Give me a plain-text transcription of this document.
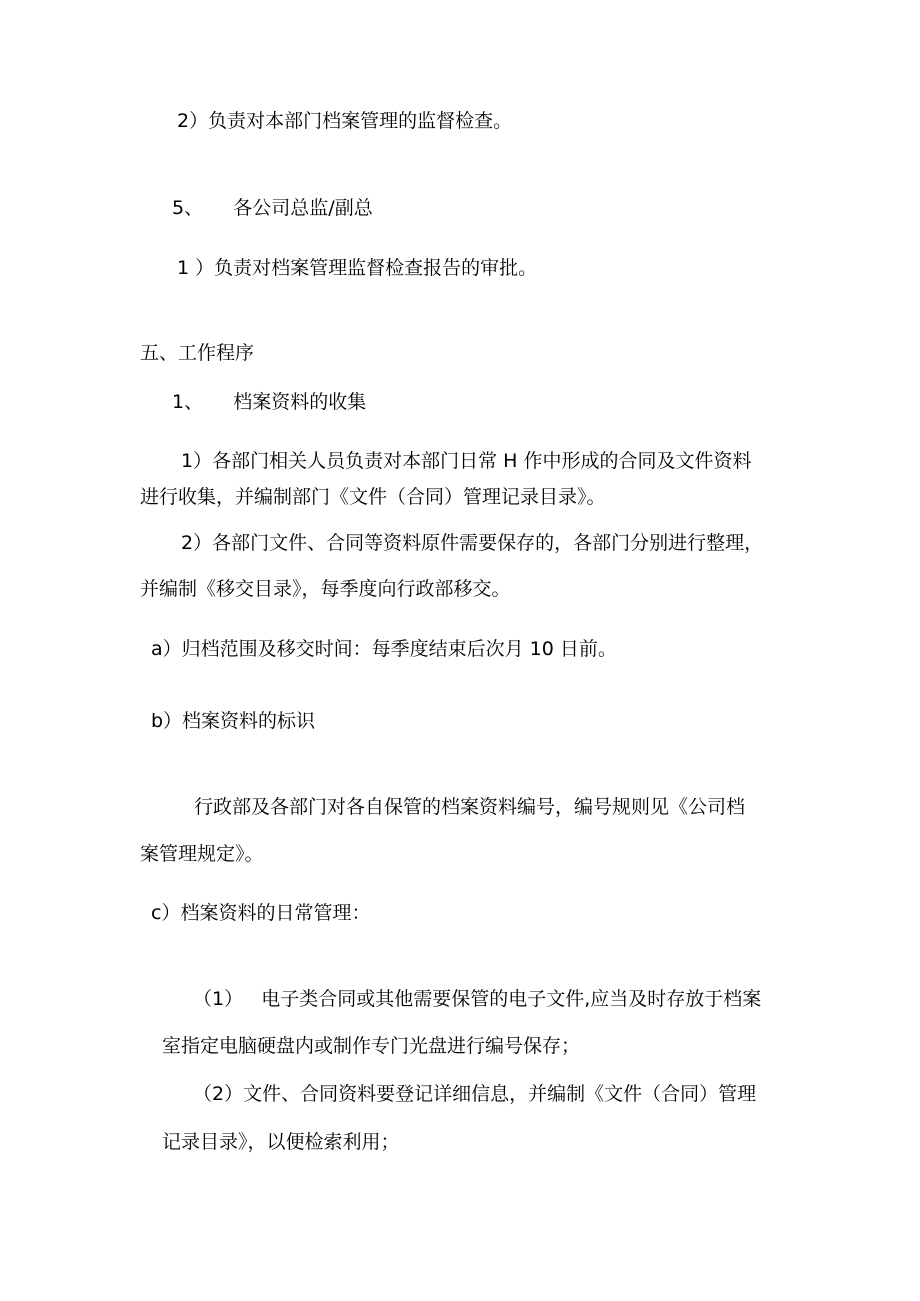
2）负责对本部门档案管理的监督检查。
5、     各公司总监/副总
1 ）负责对档案管理监督检查报告的审批。
五、工作程序
1、     档案资料的收集
1）各部门相关人员负责对本部门日常 H 作中形成的合同及文件资料
进行收集，并编制部门《文件（合同）管理记录目录》。
2）各部门文件、合同等资料原件需要保存的，各部门分别进行整理，
并编制《移交目录》，每季度向行政部移交。
a）归档范围及移交时间：每季度结束后次月 10 日前。
b）档案资料的标识
行政部及各部门对各自保管的档案资料编号，编号规则见《公司档
案管理规定》。
c）档案资料的日常管理：
（1）   电子类合同或其他需要保管的电子文件,应当及时存放于档案
室指定电脑硬盘内或制作专门光盘进行编号保存；
（2）文件、合同资料要登记详细信息，并编制《文件（合同）管理
记录目录》，以便检索利用；
